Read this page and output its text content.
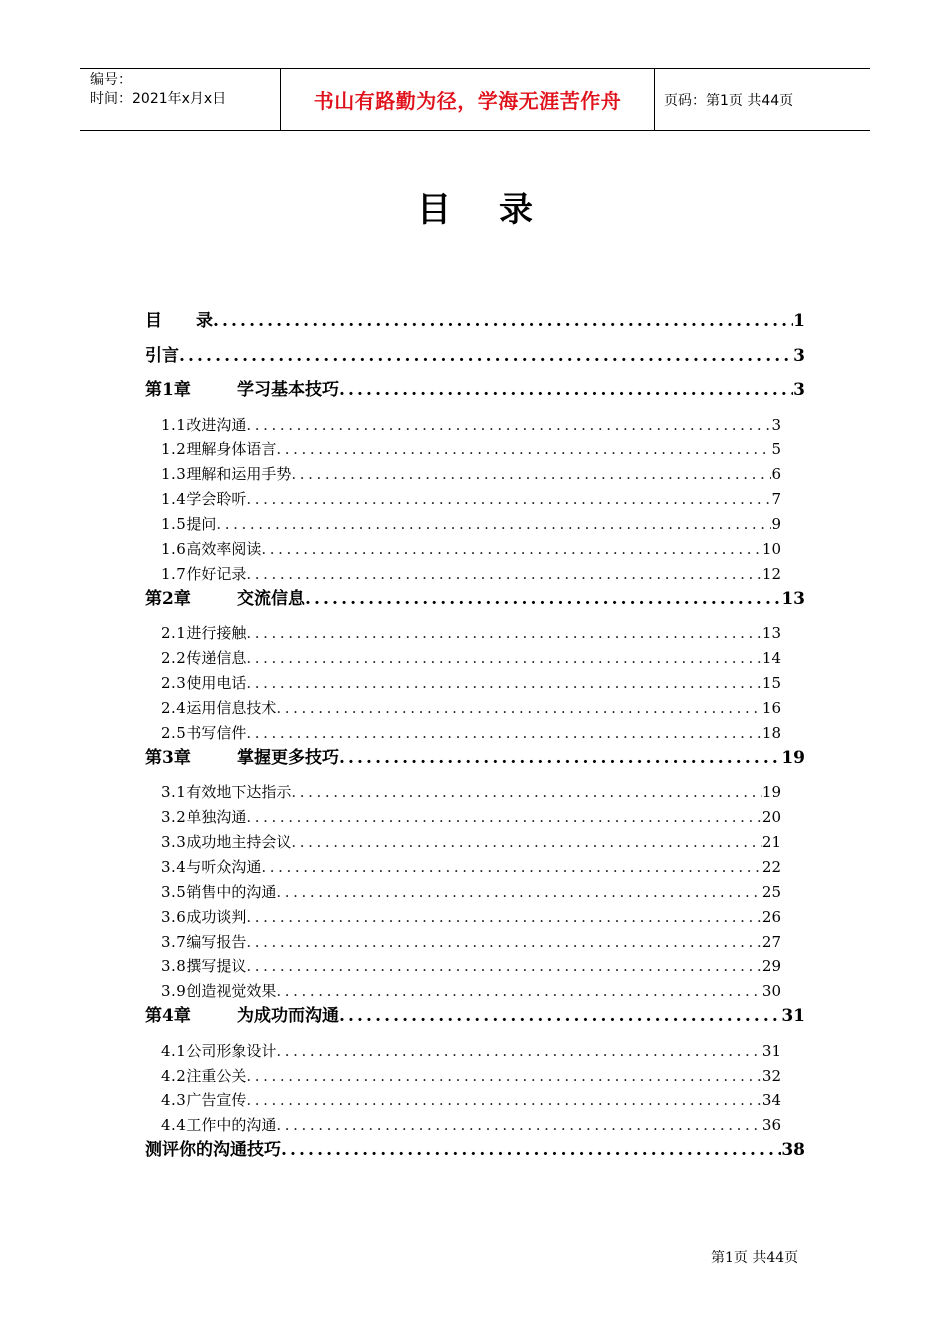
编号：
时间：2021年x月x日	书山有路勤为径，学海无涯苦作舟	页码：第1页 共44页
目录
目　　录 .....	1
引言 .....	3
第1章	学习基本技巧 .....	3
1.1改进沟通 .....	3
1.2理解身体语言 .....	5
1.3理解和运用手势 .....	6
1.4学会聆听 .....	7
1.5提问 .....	9
1.6高效率阅读 .....	10
1.7作好记录 .....	12
第2章	交流信息 .....	13
2.1进行接触 .....	13
2.2传递信息 .....	14
2.3使用电话 .....	15
2.4运用信息技术 .....	16
2.5书写信件 .....	18
第3章	掌握更多技巧 .....	19
3.1有效地下达指示 .....	19
3.2单独沟通 .....	20
3.3成功地主持会议 .....	21
3.4与听众沟通 .....	22
3.5销售中的沟通 .....	25
3.6成功谈判 .....	26
3.7编写报告 .....	27
3.8撰写提议 .....	29
3.9创造视觉效果 .....	30
第4章	为成功而沟通 .....	31
4.1公司形象设计 .....	31
4.2注重公关 .....	32
4.3广告宣传 .....	34
4.4工作中的沟通 .....	36
测评你的沟通技巧 .....	38
第1页 共44页
